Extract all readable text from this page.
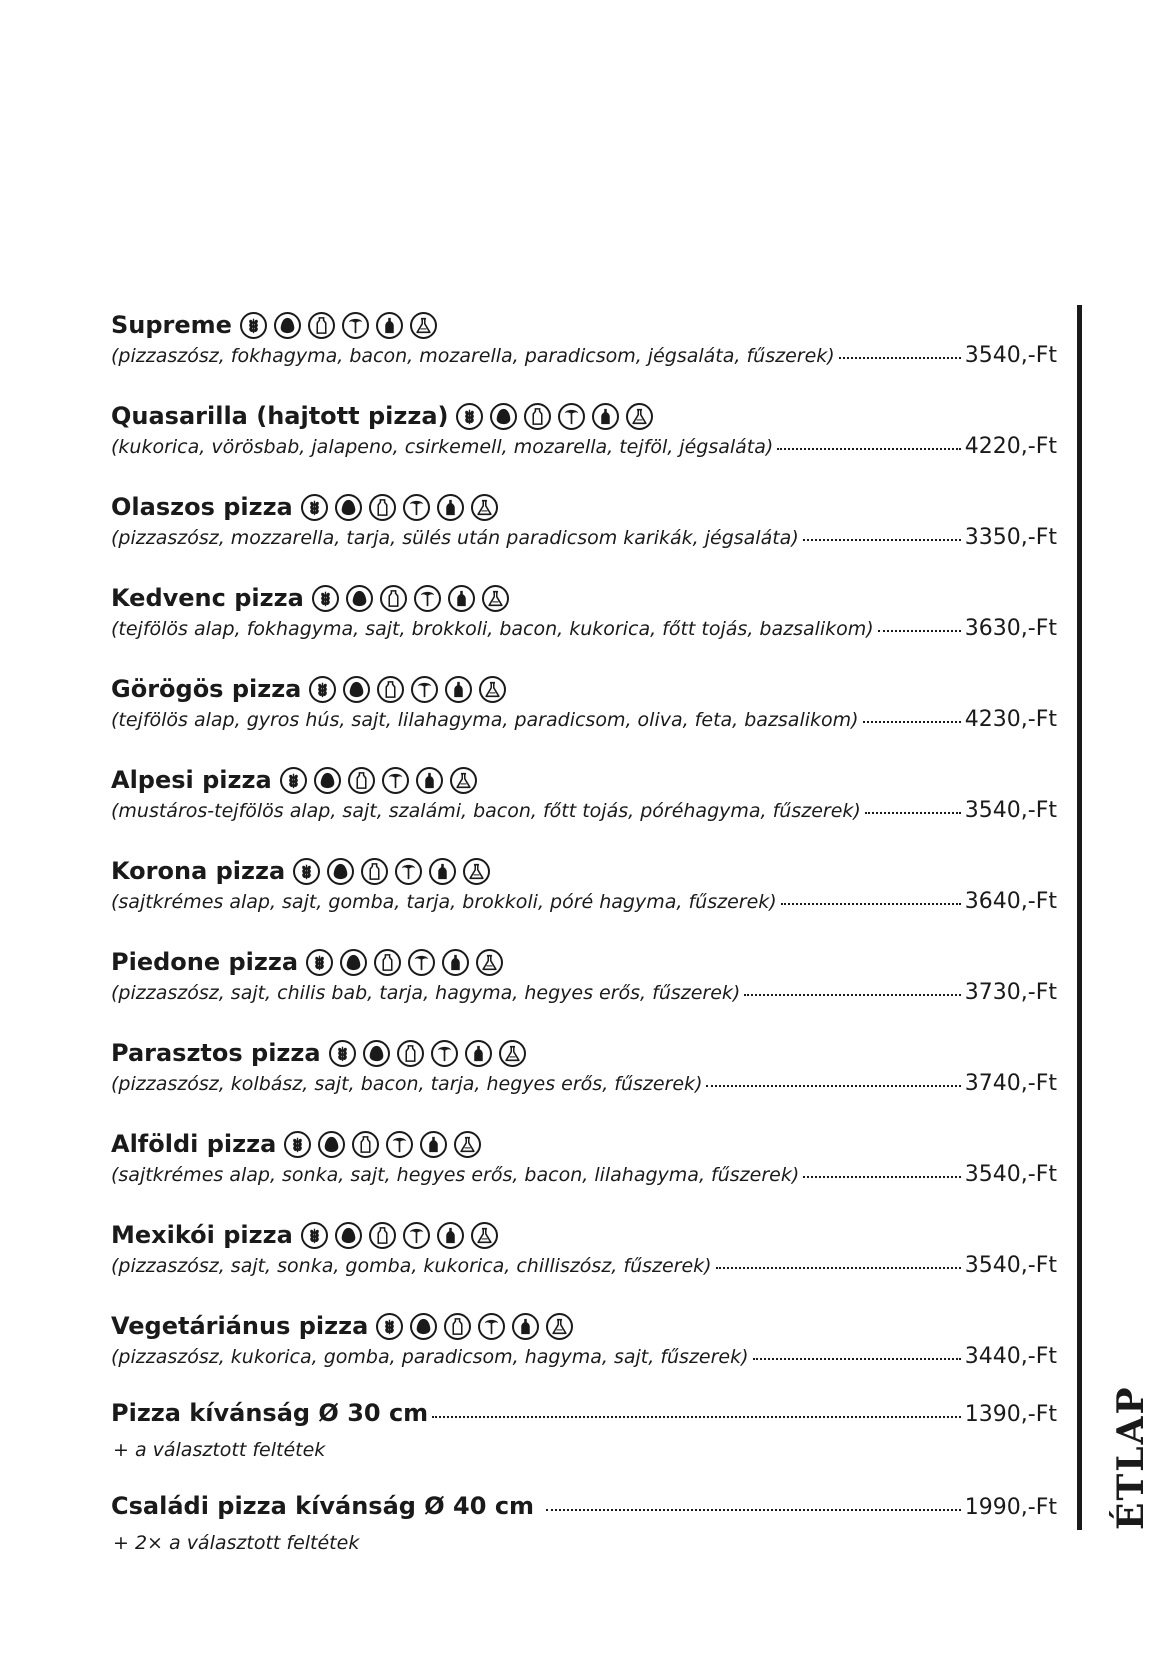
Supreme
(pizzaszósz, fokhagyma, bacon, mozarella, paradicsom, jégsaláta, fűszerek)	3540,-Ft
Quasarilla (hajtott pizza)
(kukorica, vörösbab, jalapeno, csirkemell, mozarella, tejföl, jégsaláta)	4220,-Ft
Olaszos pizza
(pizzaszósz, mozzarella, tarja, sülés után paradicsom karikák, jégsaláta)	3350,-Ft
Kedvenc pizza
(tejfölös alap, fokhagyma, sajt, brokkoli, bacon, kukorica, főtt tojás, bazsalikom)	3630,-Ft
Görögös pizza
(tejfölös alap, gyros hús, sajt, lilahagyma, paradicsom, oliva, feta, bazsalikom)	4230,-Ft
Alpesi pizza
(mustáros-tejfölös alap, sajt, szalámi, bacon, főtt tojás, póréhagyma, fűszerek)	3540,-Ft
Korona pizza
(sajtkrémes alap, sajt, gomba, tarja, brokkoli, póré hagyma, fűszerek)	3640,-Ft
Piedone pizza
(pizzaszósz, sajt, chilis bab, tarja, hagyma, hegyes erős, fűszerek)	3730,-Ft
Parasztos pizza
(pizzaszósz, kolbász, sajt, bacon, tarja, hegyes erős, fűszerek)	3740,-Ft
Alföldi pizza
(sajtkrémes alap, sonka, sajt, hegyes erős, bacon, lilahagyma, fűszerek)	3540,-Ft
Mexikói pizza
(pizzaszósz, sajt, sonka, gomba, kukorica, chilliszósz, fűszerek)	3540,-Ft
Vegetáriánus pizza
(pizzaszósz, kukorica, gomba, paradicsom, hagyma, sajt, fűszerek)	3440,-Ft
Pizza kívánság Ø 30 cm	1390,-Ft
+ a választott feltétek
Családi pizza kívánság Ø 40 cm	1990,-Ft
+ 2× a választott feltétek
ÉTLAP
